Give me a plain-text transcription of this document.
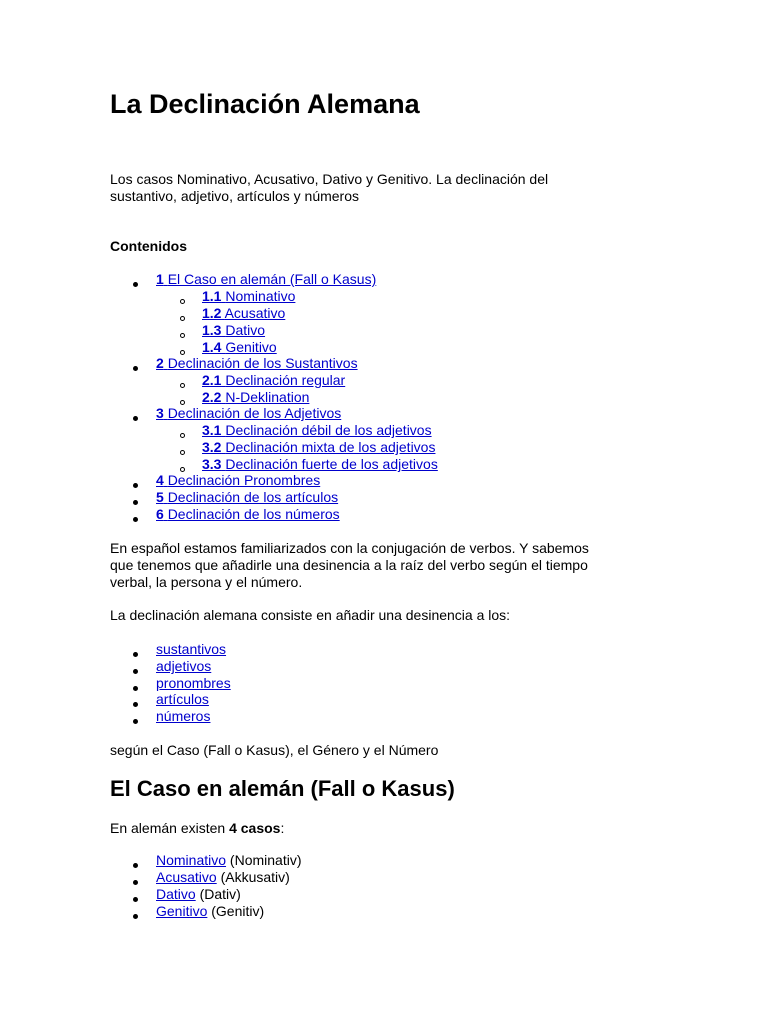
La Declinación Alemana
Los casos Nominativo, Acusativo, Dativo y Genitivo. La declinación del
sustantivo, adjetivo, artículos y números
Contenidos
1 El Caso en alemán (Fall o Kasus)
1.1 Nominativo
1.2 Acusativo
1.3 Dativo
1.4 Genitivo
2 Declinación de los Sustantivos
2.1 Declinación regular
2.2 N-Deklination
3 Declinación de los Adjetivos
3.1 Declinación débil de los adjetivos
3.2 Declinación mixta de los adjetivos
3.3 Declinación fuerte de los adjetivos
4 Declinación Pronombres
5 Declinación de los artículos
6 Declinación de los números
En español estamos familiarizados con la conjugación de verbos. Y sabemos
que tenemos que añadirle una desinencia a la raíz del verbo según el tiempo
verbal, la persona y el número.
La declinación alemana consiste en añadir una desinencia a los:
sustantivos
adjetivos
pronombres
artículos
números
según el Caso (Fall o Kasus), el Género y el Número
El Caso en alemán (Fall o Kasus)
En alemán existen 4 casos:
Nominativo (Nominativ)
Acusativo (Akkusativ)
Dativo (Dativ)
Genitivo (Genitiv)
